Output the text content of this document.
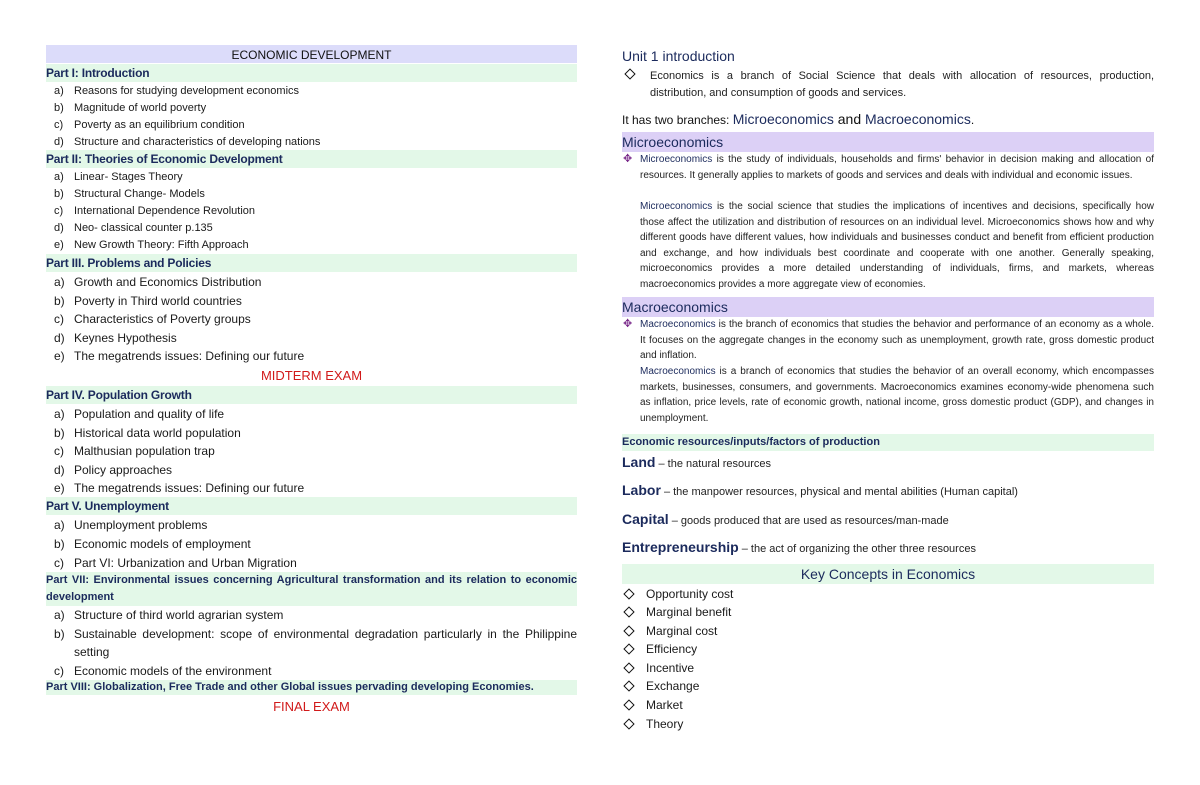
ECONOMIC DEVELOPMENT
Part I: Introduction
a) Reasons for studying development economics
b) Magnitude of world poverty
c) Poverty as an equilibrium condition
d) Structure and characteristics of developing nations
Part II: Theories of Economic Development
a) Linear- Stages Theory
b) Structural Change- Models
c) International Dependence Revolution
d) Neo- classical counter p.135
e) New Growth Theory: Fifth Approach
Part III. Problems and Policies
a) Growth and Economics Distribution
b) Poverty in Third world countries
c) Characteristics of Poverty groups
d) Keynes Hypothesis
e) The megatrends issues: Defining our future
MIDTERM EXAM
Part IV. Population Growth
a) Population and quality of life
b) Historical data world population
c) Malthusian population trap
d) Policy approaches
e) The megatrends issues: Defining our future
Part V. Unemployment
a) Unemployment problems
b) Economic models of employment
c) Part VI: Urbanization and Urban Migration
Part VII: Environmental issues concerning Agricultural transformation and its relation to economic development
a) Structure of third world agrarian system
b) Sustainable development: scope of environmental degradation particularly in the Philippine setting
c) Economic models of the environment
Part VIII: Globalization, Free Trade and other Global issues pervading developing Economies.
FINAL EXAM
Unit 1 introduction
Economics is a branch of Social Science that deals with allocation of resources, production, distribution, and consumption of goods and services.
It has two branches: Microeconomics and Macroeconomics.
Microeconomics
✥ Microeconomics is the study of individuals, households and firms' behavior in decision making and allocation of resources. It generally applies to markets of goods and services and deals with individual and economic issues.
Microeconomics is the social science that studies the implications of incentives and decisions, specifically how those affect the utilization and distribution of resources on an individual level. Microeconomics shows how and why different goods have different values, how individuals and businesses conduct and benefit from efficient production and exchange, and how individuals best coordinate and cooperate with one another. Generally speaking, microeconomics provides a more detailed understanding of individuals, firms, and markets, whereas macroeconomics provides a more aggregate view of economies.
Macroeconomics
✥ Macroeconomics is the branch of economics that studies the behavior and performance of an economy as a whole. It focuses on the aggregate changes in the economy such as unemployment, growth rate, gross domestic product and inflation.
Macroeconomics is a branch of economics that studies the behavior of an overall economy, which encompasses markets, businesses, consumers, and governments. Macroeconomics examines economy-wide phenomena such as inflation, price levels, rate of economic growth, national income, gross domestic product (GDP), and changes in unemployment.
Economic resources/inputs/factors of production
Land – the natural resources
Labor – the manpower resources, physical and mental abilities (Human capital)
Capital – goods produced that are used as resources/man-made
Entrepreneurship – the act of organizing the other three resources
Key Concepts in Economics
Opportunity cost
Marginal benefit
Marginal cost
Efficiency
Incentive
Exchange
Market
Theory
